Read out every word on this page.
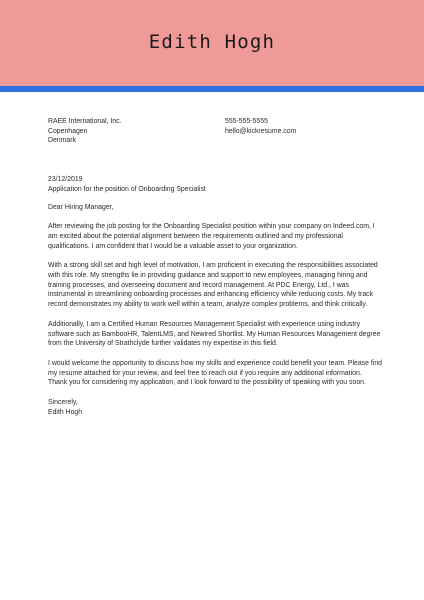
Edith Hogh
RAEE International, Inc.
Copenhagen
Denmark
555-555-5555
hello@kickresume.com
23/12/2019
Application for the position of Onboarding Specialist

Dear Hiring Manager,

After reviewing the job posting for the Onboarding Specialist position within your company on Indeed.com, I am excited about the potential alignment between the requirements outlined and my professional qualifications. I am confident that I would be a valuable asset to your organization.

With a strong skill set and high level of motivation, I am proficient in executing the responsibilities associated with this role. My strengths lie in providing guidance and support to new employees, managing hiring and training processes, and overseeing document and record management. At PDC Energy, Ltd., I was instrumental in streamlining onboarding processes and enhancing efficiency while reducing costs. My track record demonstrates my ability to work well within a team, analyze complex problems, and think critically.

Additionally, I am a Certified Human Resources Management Specialist with experience using industry software such as BambooHR, TalentLMS, and Newired Shortlist. My Human Resources Management degree from the University of Strathclyde further validates my expertise in this field.

I would welcome the opportunity to discuss how my skills and experience could benefit your team. Please find my resume attached for your review, and feel free to reach out if you require any additional information. Thank you for considering my application, and I look forward to the possibility of speaking with you soon.

Sincerely,
Edith Hogh
